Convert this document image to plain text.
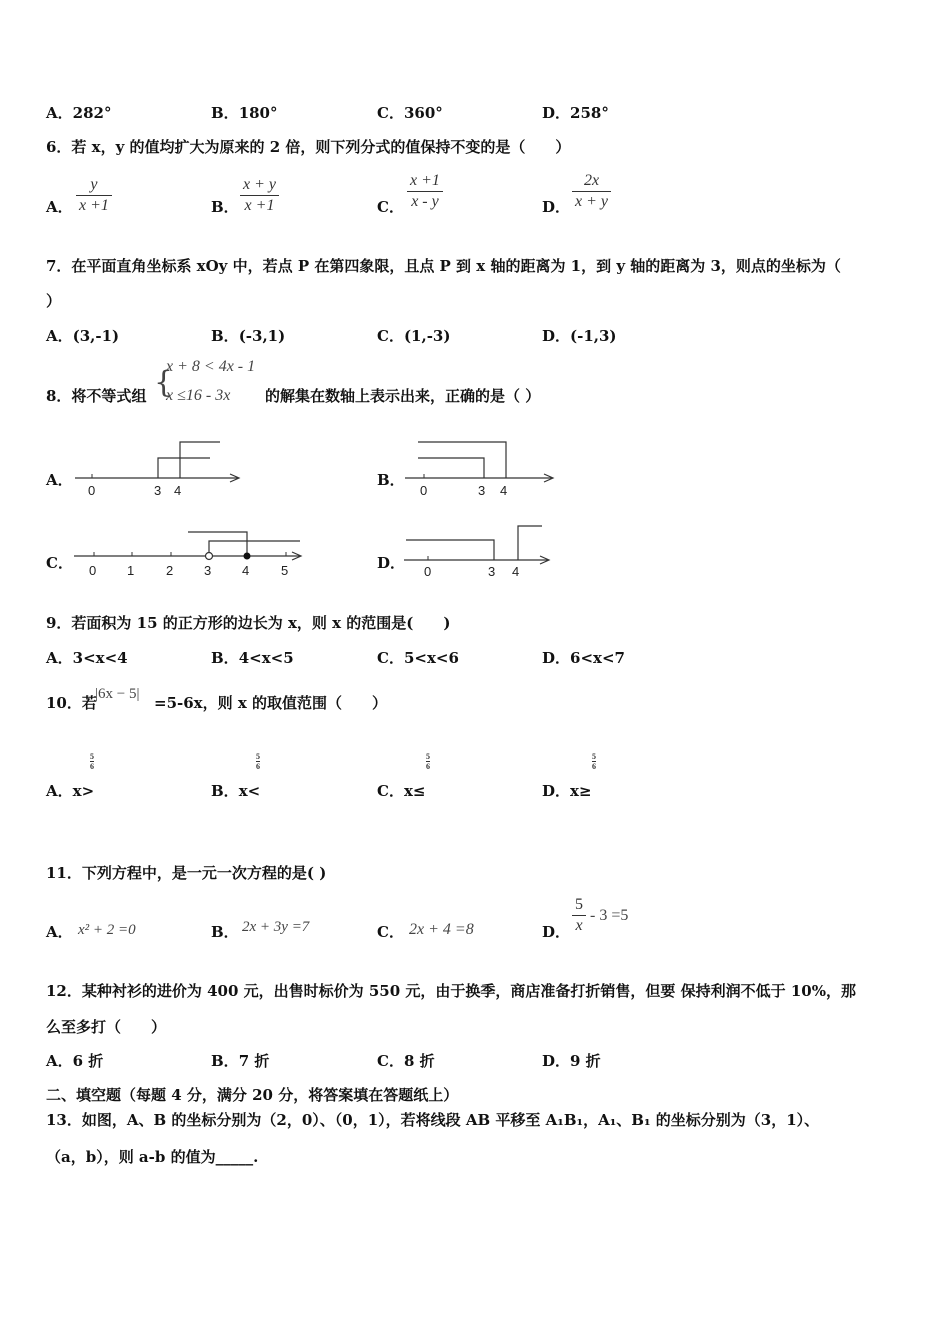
A．282°	B．180°	C．360°	D．258°
6．若 x，y 的值均扩大为原来的 2 倍，则下列分式的值保持不变的是（　　）
A．
y
x +1	B．
x + y
x +1	C．
x +1
x - y	D．
2x
x + y
7．在平面直角坐标系 xOy 中，若点 P 在第四象限，且点 P 到 x 轴的距离为 1，到 y 轴的距离为 3，则点的坐标为（
）
A．(3,-1)	B．(-3,1)	C．(1,-3)	D．(-1,3)
8．将不等式组 {
x + 8 < 4x - 1
x ≤16 - 3x 的解集在数轴上表示出来，正确的是（ ）
A．
0	3 4
B．
0	3 4
C． 0 1 2 3 4 5	D． 0	3 4
9．若面积为 15 的正方形的边长为 x，则 x 的范围是(　　)
A．3<x<4	B．4<x<5	C．5<x<6	D．6<x<7
10．若
|6x − 5| =5-6x，则 x 的取值范围（　　）
A．x>
5
6
B．x<
5
6
C．x≤
5
6
D．x≥
5
6
11．下列方程中，是一元一次方程的是( )
A． x² + 2 =0	B． 2x + 3y =7	C． 2x + 4 =8	D．
5
x
- 3 =5
12．某种衬衫的进价为 400 元，出售时标价为 550 元，由于换季，商店准备打折销售，但要 保持利润不低于 10%，那
么至多打（　　）
A．6 折	B．7 折	C．8 折	D．9 折
二、填空题（每题 4 分，满分 20 分，将答案填在答题纸上）
13．如图，A、B 的坐标分别为（2，0）、（0，1），若将线段 AB 平移至 A₁B₁，A₁、B₁ 的坐标分别为（3，1）、
（a，b），则 a-b 的值为_____.
